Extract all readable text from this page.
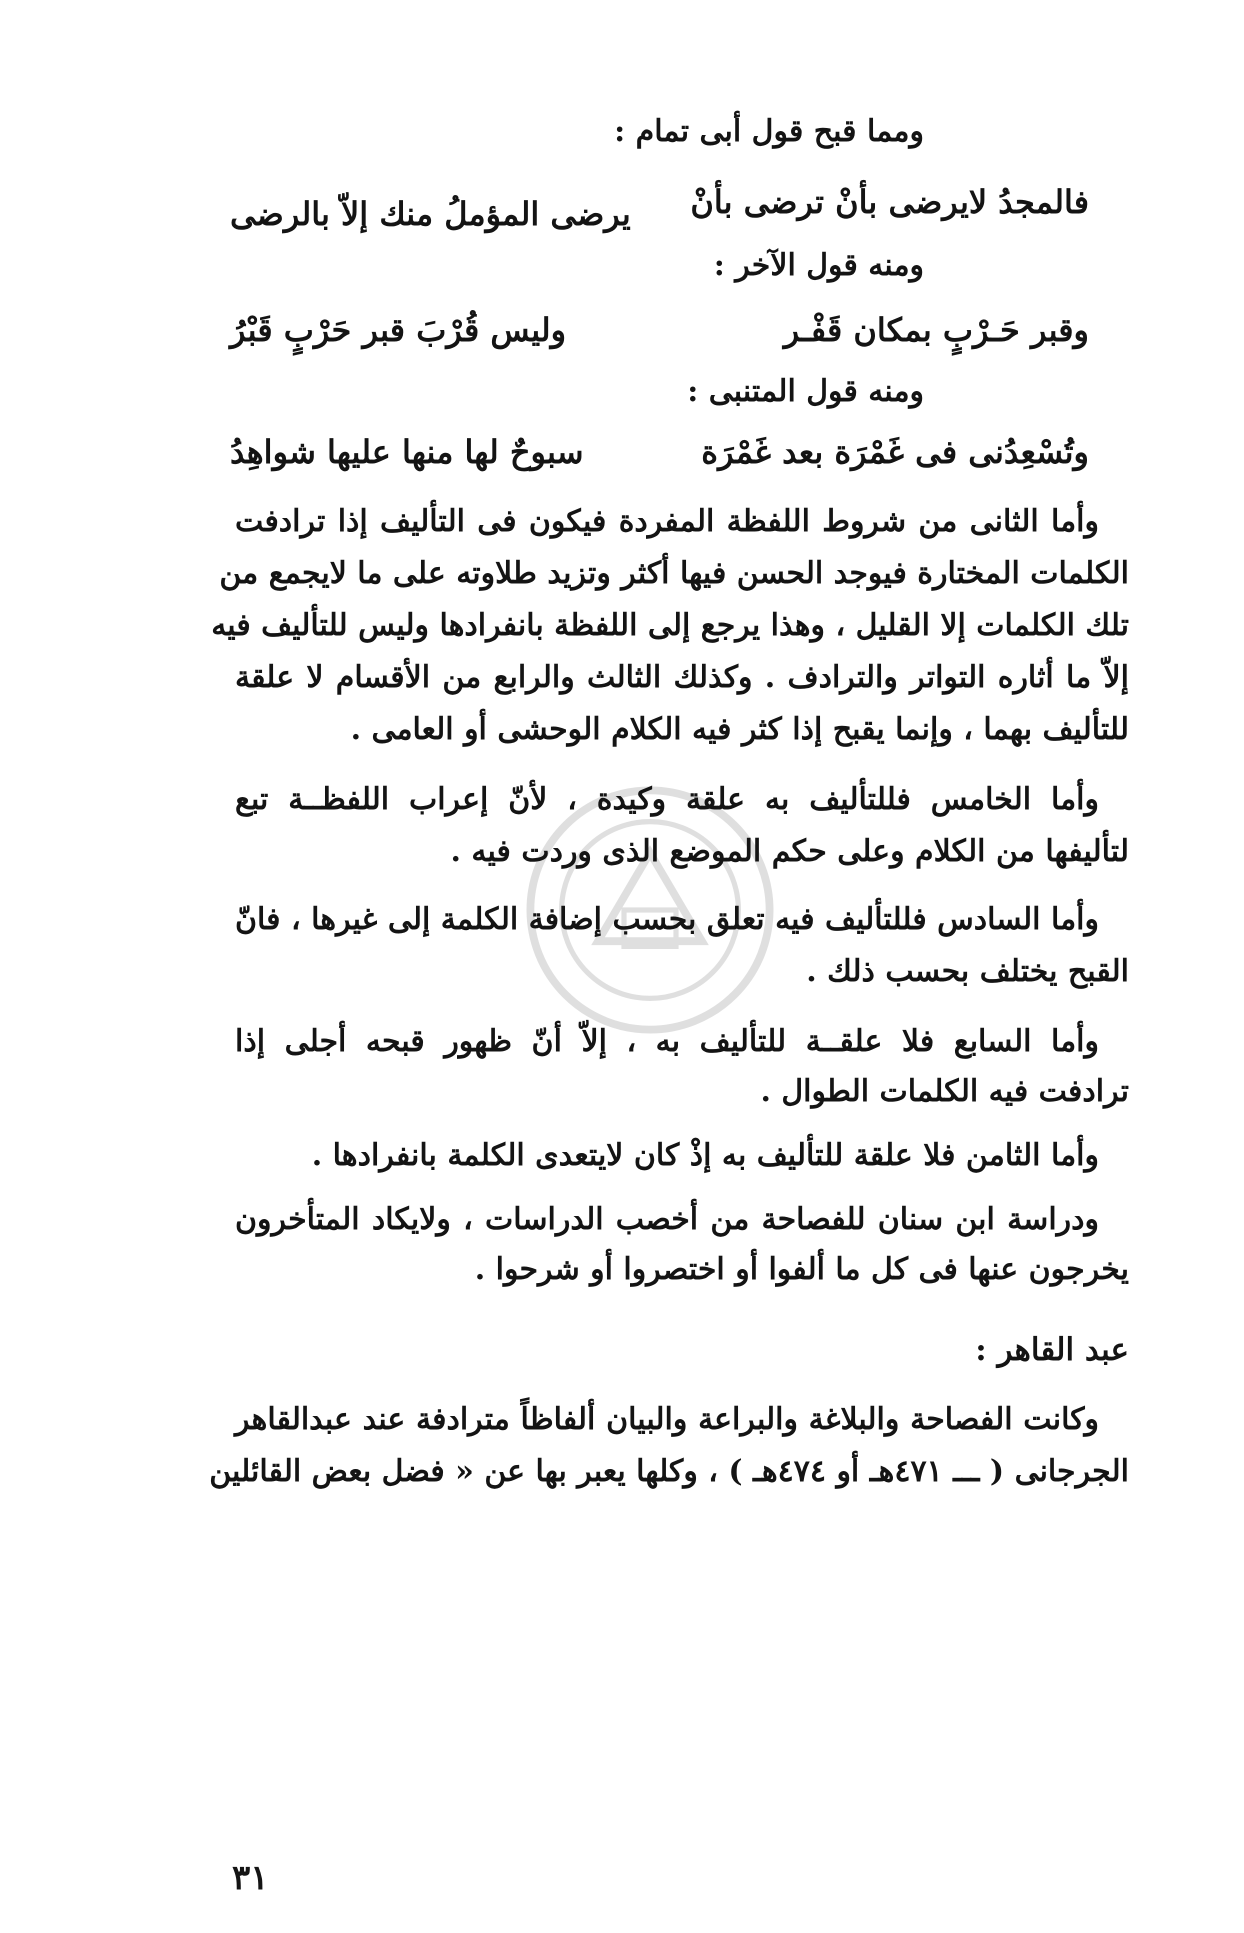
ومما قبح قول أبى تمام :
فالمجدُ لايرضى بأنْ ترضى بأنْ
يرضى المؤملُ منك إلاّ بالرضى
ومنه قول الآخر :
وقبر حَـرْبٍ بمكان قَفْـر
وليس قُرْبَ قبر حَرْبٍ قَبْرُ
ومنه قول المتنبى :
وتُسْعِدُنى فى غَمْرَة بعد غَمْرَة
سبوحٌ لها منها عليها شواهِدُ
وأما الثانى من شروط اللفظة المفردة فيكون فى التأليف إذا ترادفت
الكلمات المختارة فيوجد الحسن فيها أكثر وتزيد طلاوته على ما لايجمع من
تلك الكلمات إلا القليل ، وهذا يرجع إلى اللفظة بانفرادها وليس للتأليف فيه
إلاّ ما أثاره التواتر والترادف . وكذلك الثالث والرابع من الأقسام لا علقة
للتأليف بهما ، وإنما يقبح إذا كثر فيه الكلام الوحشى أو العامى .
وأما الخامس فللتأليف به علقة وكيدة ، لأنّ إعراب اللفظــة تبع
لتأليفها من الكلام وعلى حكم الموضع الذى وردت فيه .
وأما السادس فللتأليف فيه تعلق بحسب إضافة الكلمة إلى غيرها ، فانّ
القبح يختلف بحسب ذلك .
وأما السابع فلا علقــة للتأليف به ، إلاّ أنّ ظهور قبحه أجلى إذا
ترادفت فيه الكلمات الطوال .
وأما الثامن فلا علقة للتأليف به إذْ كان لايتعدى الكلمة بانفرادها .
ودراسة ابن سنان للفصاحة من أخصب الدراسات ، ولايكاد المتأخرون
يخرجون عنها فى كل ما ألفوا أو اختصروا أو شرحوا .
عبد القاهر :
وكانت الفصاحة والبلاغة والبراعة والبيان ألفاظاً مترادفة عند عبدالقاهر
الجرجانى ( ـــ ٤٧١هـ أو ٤٧٤هـ ) ، وكلها يعبر بها عن « فضل بعض القائلين
٣١
